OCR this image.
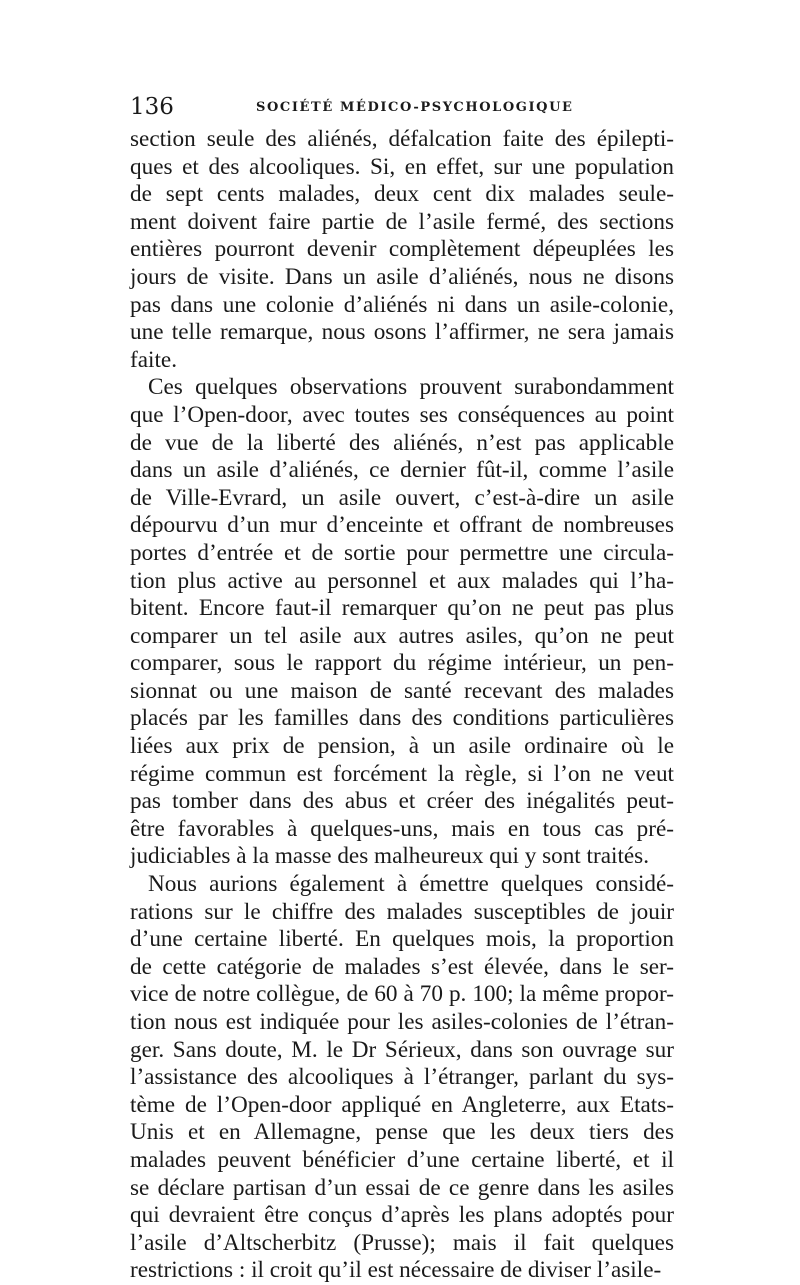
136	SOCIÉTÉ MÉDICO-PSYCHOLOGIQUE
section seule des aliénés, défalcation faite des épilepti-
ques et des alcooliques. Si, en effet, sur une population
de sept cents malades, deux cent dix malades seule-
ment doivent faire partie de l’asile fermé, des sections
entières pourront devenir complètement dépeuplées les
jours de visite. Dans un asile d’aliénés, nous ne disons
pas dans une colonie d’aliénés ni dans un asile-colonie,
une telle remarque, nous osons l’affirmer, ne sera jamais
faite.
Ces quelques observations prouvent surabondamment
que l’Open-door, avec toutes ses conséquences au point
de vue de la liberté des aliénés, n’est pas applicable
dans un asile d’aliénés, ce dernier fût-il, comme l’asile
de Ville-Evrard, un asile ouvert, c’est-à-dire un asile
dépourvu d’un mur d’enceinte et offrant de nombreuses
portes d’entrée et de sortie pour permettre une circula-
tion plus active au personnel et aux malades qui l’ha-
bitent. Encore faut-il remarquer qu’on ne peut pas plus
comparer un tel asile aux autres asiles, qu’on ne peut
comparer, sous le rapport du régime intérieur, un pen-
sionnat ou une maison de santé recevant des malades
placés par les familles dans des conditions particulières
liées aux prix de pension, à un asile ordinaire où le
régime commun est forcément la règle, si l’on ne veut
pas tomber dans des abus et créer des inégalités peut-
être favorables à quelques-uns, mais en tous cas pré-
judiciables à la masse des malheureux qui y sont traités.
Nous aurions également à émettre quelques considé-
rations sur le chiffre des malades susceptibles de jouir
d’une certaine liberté. En quelques mois, la proportion
de cette catégorie de malades s’est élevée, dans le ser-
vice de notre collègue, de 60 à 70 p. 100; la même propor-
tion nous est indiquée pour les asiles-colonies de l’étran-
ger. Sans doute, M. le Dr Sérieux, dans son ouvrage sur
l’assistance des alcooliques à l’étranger, parlant du sys-
tème de l’Open-door appliqué en Angleterre, aux Etats-
Unis et en Allemagne, pense que les deux tiers des
malades peuvent bénéficier d’une certaine liberté, et il
se déclare partisan d’un essai de ce genre dans les asiles
qui devraient être conçus d’après les plans adoptés pour
l’asile d’Altscherbitz (Prusse); mais il fait quelques
restrictions : il croit qu’il est nécessaire de diviser l’asile-
